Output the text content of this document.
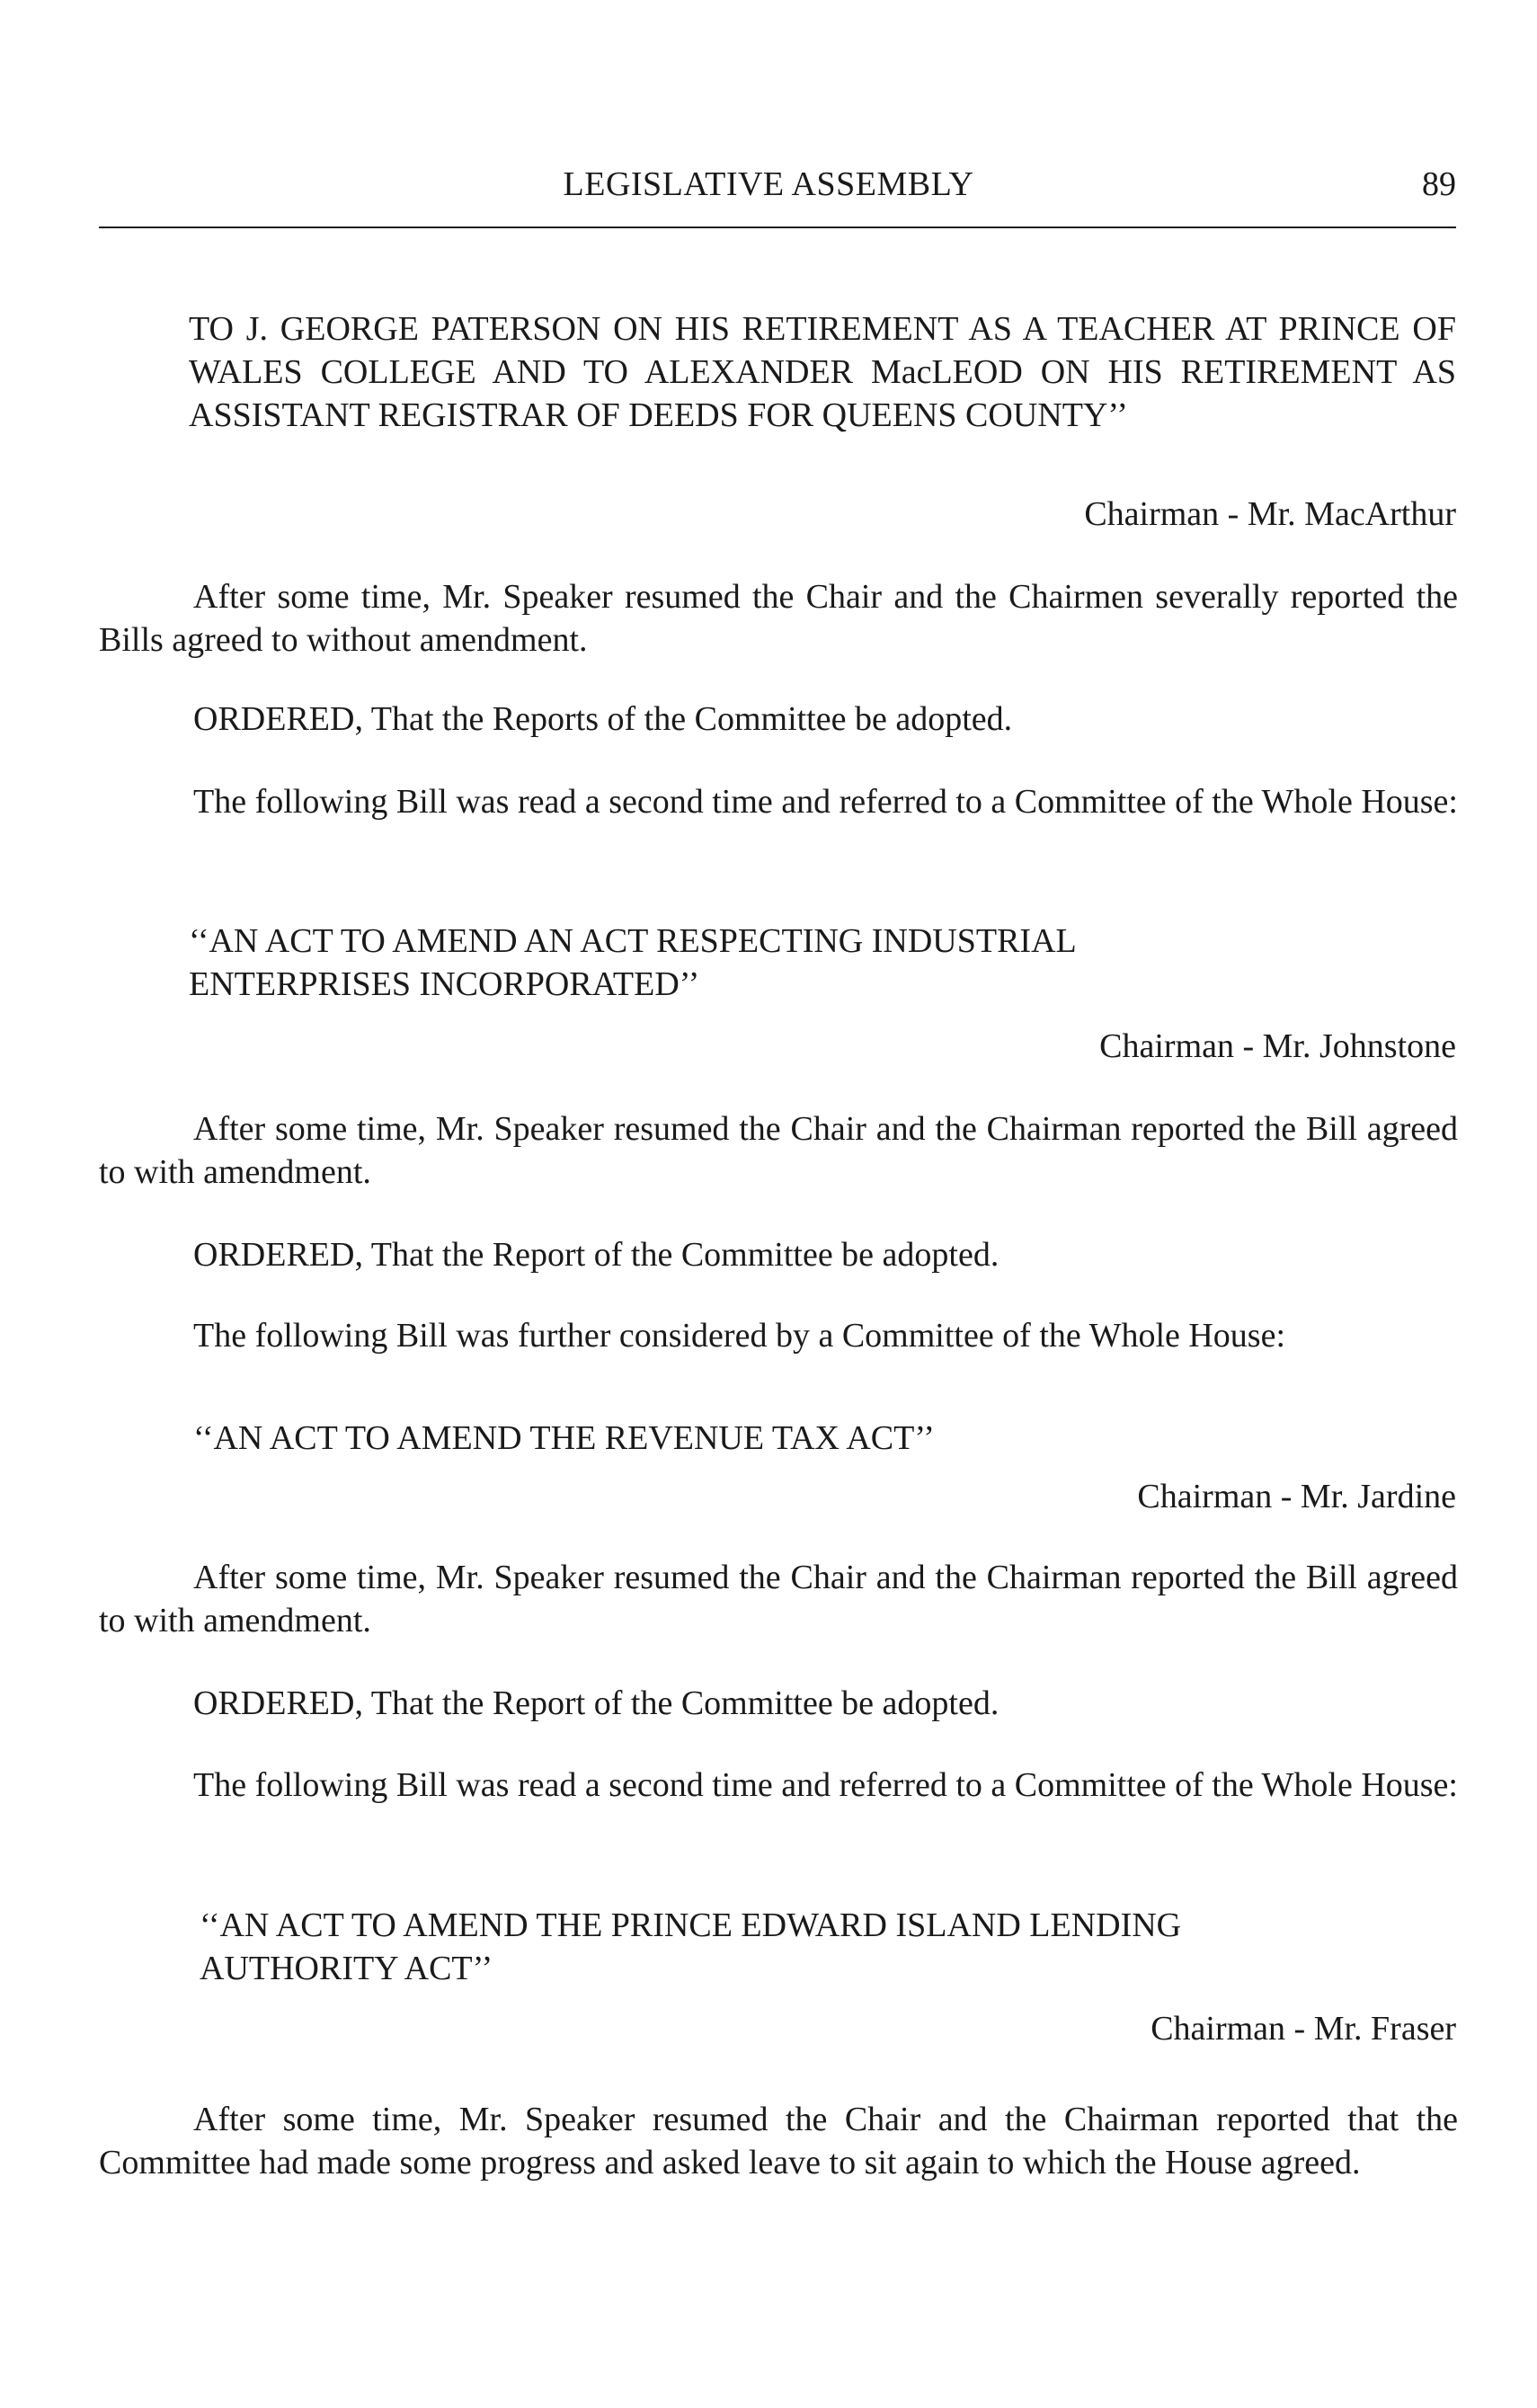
LEGISLATIVE ASSEMBLY	89

TO J. GEORGE PATERSON ON HIS RETIREMENT AS A TEACHER AT PRINCE OF WALES COLLEGE AND TO ALEXANDER MacLEOD ON HIS RETIREMENT AS ASSISTANT REGISTRAR OF DEEDS FOR QUEENS COUNTY’’

Chairman - Mr. MacArthur

After some time, Mr. Speaker resumed the Chair and the Chairmen severally reported the Bills agreed to without amendment.

ORDERED, That the Reports of the Committee be adopted.

The following Bill was read a second time and referred to a Committee of the Whole House:

‘‘AN ACT TO AMEND AN ACT RESPECTING INDUSTRIAL
ENTERPRISES INCORPORATED’’

Chairman - Mr. Johnstone

After some time, Mr. Speaker resumed the Chair and the Chairman reported the Bill agreed to with amendment.

ORDERED, That the Report of the Committee be adopted.

The following Bill was further considered by a Committee of the Whole House:

‘‘AN ACT TO AMEND THE REVENUE TAX ACT’’

Chairman - Mr. Jardine

After some time, Mr. Speaker resumed the Chair and the Chairman reported the Bill agreed to with amendment.

ORDERED, That the Report of the Committee be adopted.

The following Bill was read a second time and referred to a Committee of the Whole House:

‘‘AN ACT TO AMEND THE PRINCE EDWARD ISLAND LENDING
AUTHORITY ACT’’

Chairman - Mr. Fraser

After some time, Mr. Speaker resumed the Chair and the Chairman reported that the Committee had made some progress and asked leave to sit again to which the House agreed.
